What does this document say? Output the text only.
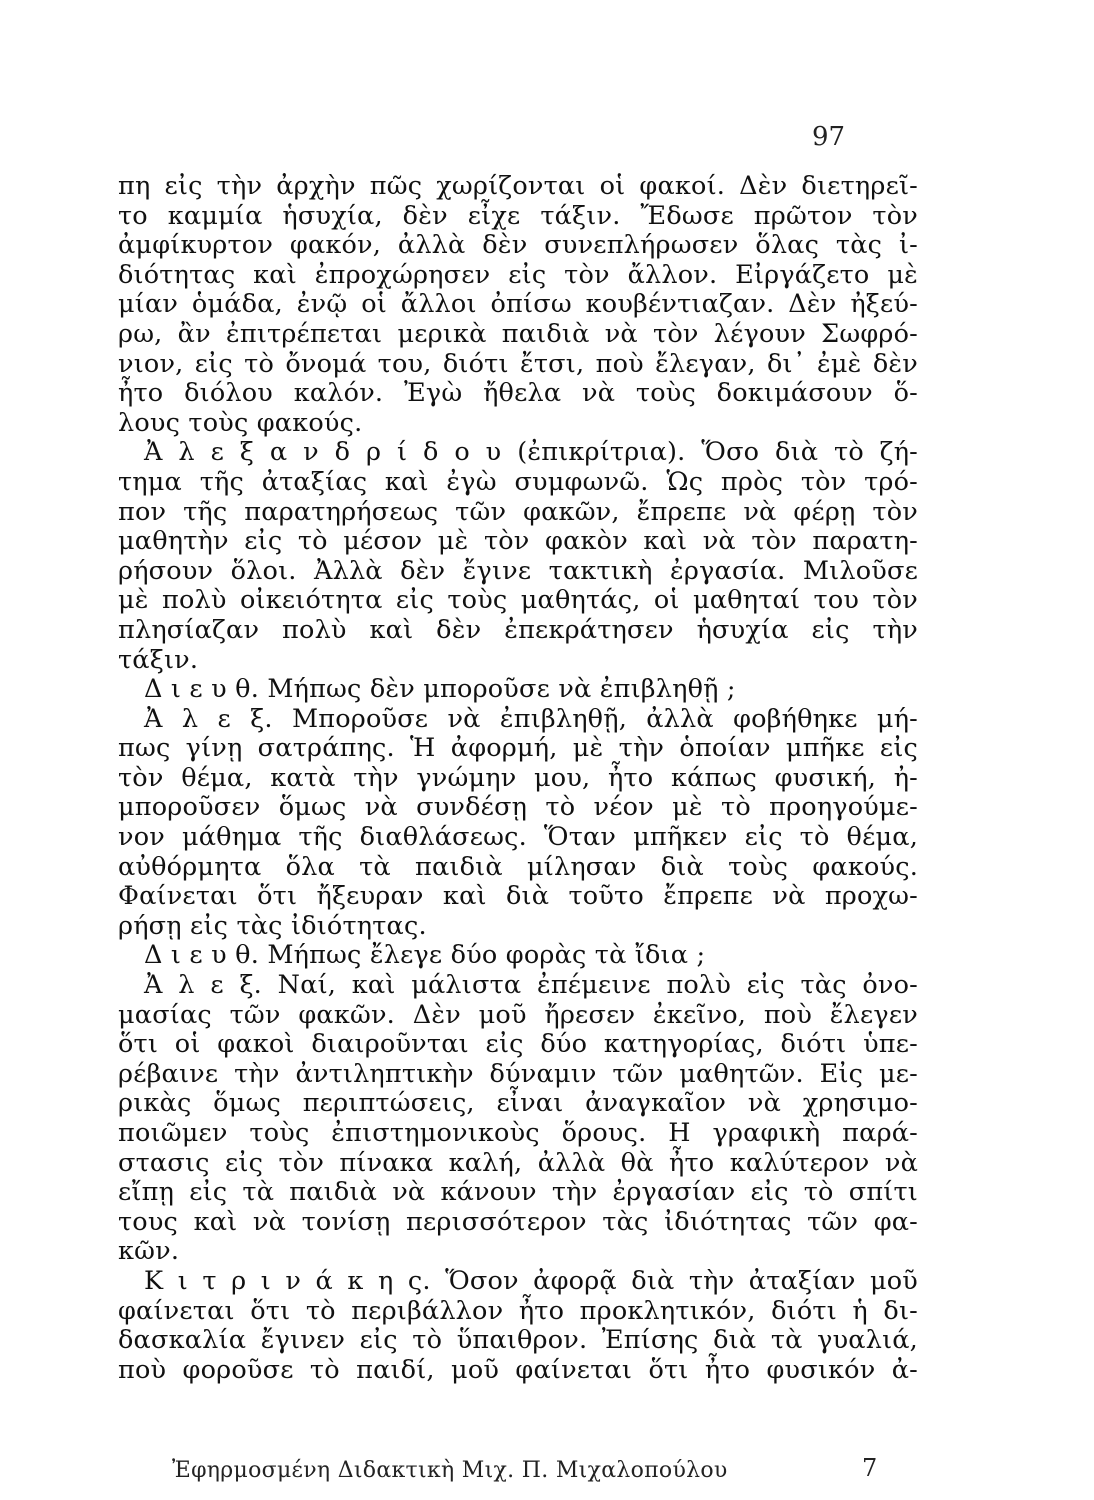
97
πη εἰς τὴν ἀρχὴν πῶς χωρίζονται οἱ φακοί. Δὲν διετηρεῖ-
το καμμία ἡσυχία, δὲν εἶχε τάξιν. Ἔδωσε πρῶτον τὸν
ἀμφίκυρτον φακόν, ἀλλὰ δὲν συνεπλήρωσεν ὅλας τὰς ἰ-
διότητας καὶ ἐπροχώρησεν εἰς τὸν ἄλλον. Εἰργάζετο μὲ
μίαν ὁμάδα, ἐνῷ οἱ ἄλλοι ὀπίσω κουβέντιαζαν. Δὲν ἠξεύ-
ρω, ἂν ἐπιτρέπεται μερικὰ παιδιὰ νὰ τὸν λέγουν Σωφρό-
νιον, εἰς τὸ ὄνομά του, διότι ἔτσι, ποὺ ἔλεγαν, δι᾽ ἐμὲ δὲν
ἦτο διόλου καλόν. Ἐγὼ ἤθελα νὰ τοὺς δοκιμάσουν ὅ-
λους τοὺς φακούς.
Ἀ λ ε ξ α ν δ ρ ί δ ο υ (ἐπικρίτρια). Ὅσο διὰ τὸ ζή-
τημα τῆς ἀταξίας καὶ ἐγὼ συμφωνῶ. Ὡς πρὸς τὸν τρό-
πον τῆς παρατηρήσεως τῶν φακῶν, ἔπρεπε νὰ φέρῃ τὸν
μαθητὴν εἰς τὸ μέσον μὲ τὸν φακὸν καὶ νὰ τὸν παρατη-
ρήσουν ὅλοι. Ἀλλὰ δὲν ἔγινε τακτικὴ ἐργασία. Μιλοῦσε
μὲ πολὺ οἰκειότητα εἰς τοὺς μαθητάς, οἱ μαθηταί του τὸν
πλησίαζαν πολὺ καὶ δὲν ἐπεκράτησεν ἡσυχία εἰς τὴν
τάξιν.
Δ ι ε υ θ. Μήπως δὲν μποροῦσε νὰ ἐπιβληθῇ ;
Ἀ λ ε ξ. Μποροῦσε νὰ ἐπιβληθῇ, ἀλλὰ φοβήθηκε μή-
πως γίνῃ σατράπης. Ἡ ἀφορμή, μὲ τὴν ὁποίαν μπῆκε εἰς
τὸν θέμα, κατὰ τὴν γνώμην μου, ἦτο κάπως φυσική, ἠ-
μποροῦσεν ὅμως νὰ συνδέσῃ τὸ νέον μὲ τὸ προηγούμε-
νον μάθημα τῆς διαθλάσεως. Ὅταν μπῆκεν εἰς τὸ θέμα,
αὐθόρμητα ὅλα τὰ παιδιὰ μίλησαν διὰ τοὺς φακούς.
Φαίνεται ὅτι ἤξευραν καὶ διὰ τοῦτο ἔπρεπε νὰ προχω-
ρήσῃ εἰς τὰς ἰδιότητας.
Δ ι ε υ θ. Μήπως ἔλεγε δύο φορὰς τὰ ἴδια ;
Ἀ λ ε ξ. Ναί, καὶ μάλιστα ἐπέμεινε πολὺ εἰς τὰς ὀνο-
μασίας τῶν φακῶν. Δὲν μοῦ ἤρεσεν ἐκεῖνο, ποὺ ἔλεγεν
ὅτι οἱ φακοὶ διαιροῦνται εἰς δύο κατηγορίας, διότι ὑπε-
ρέβαινε τὴν ἀντιληπτικὴν δύναμιν τῶν μαθητῶν. Εἰς με-
ρικὰς ὅμως περιπτώσεις, εἶναι ἀναγκαῖον νὰ χρησιμο-
ποιῶμεν τοὺς ἐπιστημονικοὺς ὅρους. Η γραφικὴ παρά-
στασις εἰς τὸν πίνακα καλή, ἀλλὰ θὰ ἦτο καλύτερον νὰ
εἴπῃ εἰς τὰ παιδιὰ νὰ κάνουν τὴν ἐργασίαν εἰς τὸ σπίτι
τους καὶ νὰ τονίσῃ περισσότερον τὰς ἰδιότητας τῶν φα-
κῶν.
Κ ι τ ρ ι ν ά κ η ς. Ὅσον ἀφορᾷ διὰ τὴν ἀταξίαν μοῦ
φαίνεται ὅτι τὸ περιβάλλον ἦτο προκλητικόν, διότι ἡ δι-
δασκαλία ἔγινεν εἰς τὸ ὕπαιθρον. Ἐπίσης διὰ τὰ γυαλιά,
ποὺ φοροῦσε τὸ παιδί, μοῦ φαίνεται ὅτι ἦτο φυσικόν ἀ-
Ἐφηρμοσμένη Διδακτικὴ Μιχ. Π. Μιχαλοπούλου	7
